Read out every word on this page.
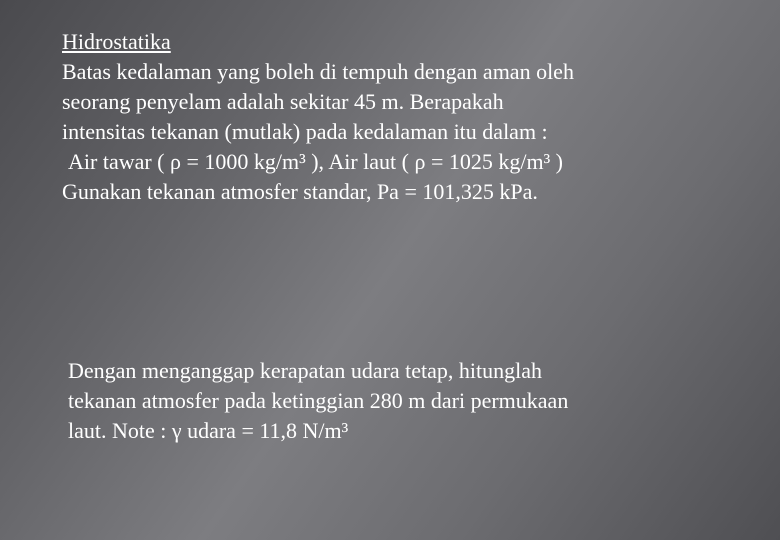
Hidrostatika
Batas kedalaman yang boleh di tempuh dengan aman oleh
seorang penyelam adalah sekitar 45 m. Berapakah
intensitas tekanan (mutlak) pada kedalaman itu dalam :
Air tawar ( ρ = 1000 kg/m³ ), Air laut ( ρ = 1025 kg/m³ )
Gunakan tekanan atmosfer standar, Pa = 101,325 kPa.
Dengan menganggap kerapatan udara tetap, hitunglah
tekanan atmosfer pada ketinggian 280 m dari permukaan
laut. Note : γ udara = 11,8 N/m³
